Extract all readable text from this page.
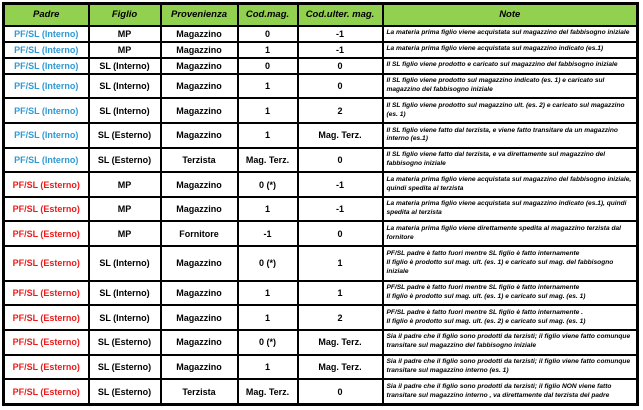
Padre	Figlio	Provenienza	Cod.mag.	Cod.ulter. mag.	Note
PF/SL (Interno)	MP	Magazzino	0	-1	La materia prima figlio viene acquistata sul magazzino del fabbisogno iniziale

PF/SL (Interno)	MP	Magazzino	1	-1	La materia prima figlio viene acquistata sul magazzino indicato (es.1)

PF/SL (Interno)	SL (Interno)	Magazzino	0	0	Il SL figlio viene prodotto e caricato sul magazzino del fabbisogno iniziale

PF/SL (Interno)	SL (Interno)	Magazzino	1	0	Il SL figlio viene prodotto sul magazzino indicato (es. 1) e caricato sul magazzino del fabbisogno iniziale

PF/SL (Interno)	SL (Interno)	Magazzino	1	2	Il SL figlio viene prodotto sul magazzino ult. (es. 2) e caricato sul magazzino (es. 1)

PF/SL (Interno)	SL (Esterno)	Magazzino	1	Mag. Terz.	Il SL figlio viene fatto dal terzista, e viene fatto transitare da un magazzino interno (es.1)

PF/SL (Interno)	SL (Esterno)	Terzista	Mag. Terz.	0	Il SL figlio viene fatto dal terzista, e va direttamente sul magazzino del fabbisogno iniziale

PF/SL (Esterno)	MP	Magazzino	0 (*)	-1	La materia prima figlio viene acquistata sul magazzino del fabbisogno iniziale, quindi spedita al terzista

PF/SL (Esterno)	MP	Magazzino	1	-1	La materia prima figlio viene acquistata sul magazzino indicato (es.1), quindi spedita al terzista

PF/SL (Esterno)	MP	Fornitore	-1	0	La materia prima figlio viene direttamente spedita al magazzino terzista dal fornitore

PF/SL (Esterno)	SL (Interno)	Magazzino	0 (*)	1	PF/SL padre è fatto fuori mentre SL figlio è fatto internamente
Il figlio è prodotto sul mag. ult. (es. 1) e caricato sul mag. del fabbisogno iniziale

PF/SL (Esterno)	SL (Interno)	Magazzino	1	1	PF/SL padre è fatto fuori mentre SL figlio è fatto internamente
Il figlio è prodotto sul mag. ult. (es. 1) e caricato sul mag. (es. 1)

PF/SL (Esterno)	SL (Interno)	Magazzino	1	2	PF/SL padre è fatto fuori mentre SL figlio è fatto internamente .
Il figlio è prodotto sul mag. ult. (es. 2) e caricato sul mag. (es. 1)

PF/SL (Esterno)	SL (Esterno)	Magazzino	0 (*)	Mag. Terz.	Sia il padre che il figlio sono prodotti da terzisti; il figlio viene fatto comunque transitare sul magazzino del fabbisogno iniziale

PF/SL (Esterno)	SL (Esterno)	Magazzino	1	Mag. Terz.	Sia il padre che il figlio sono prodotti da terzisti; il figlio viene fatto comunque transitare sul magazzino interno (es. 1)

PF/SL (Esterno)	SL (Esterno)	Terzista	Mag. Terz.	0	Sia il padre che il figlio sono prodotti da terzisti; il figlio NON viene fatto transitare sul magazzino interno , va direttamente dal terzista del padre
